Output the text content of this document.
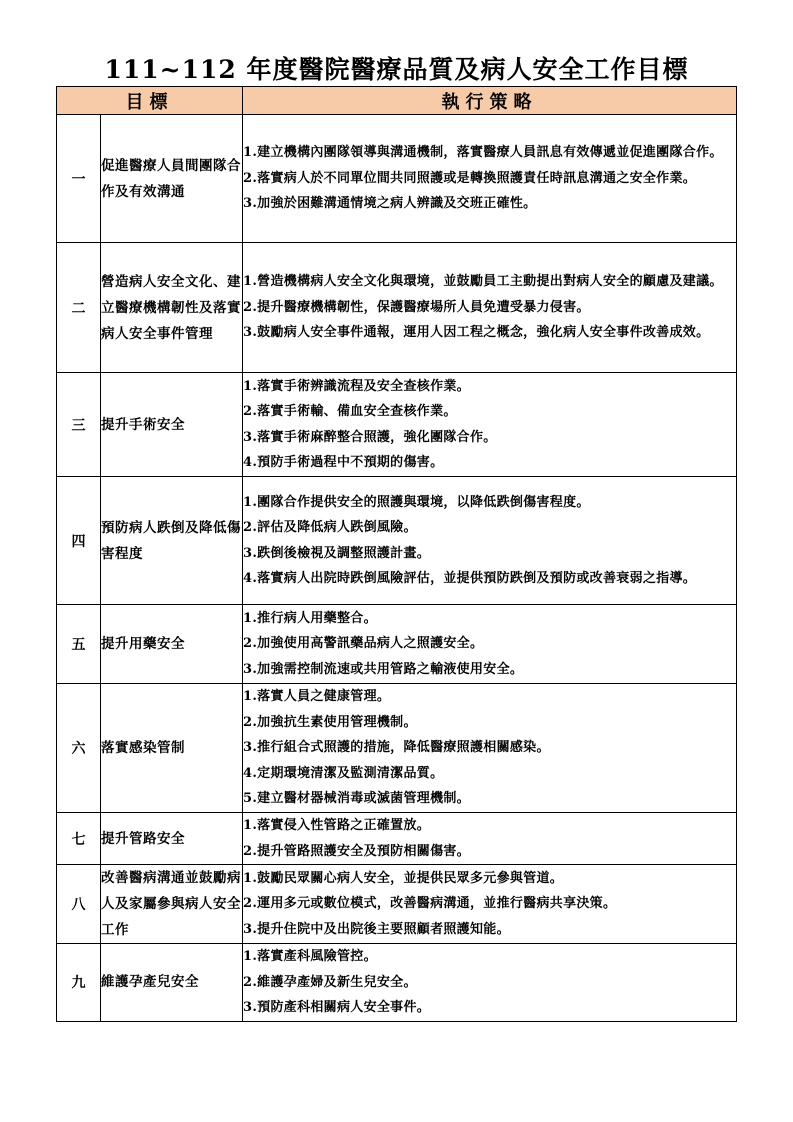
111~112 年度醫院醫療品質及病人安全工作目標
目標		執行策略
一	促進醫療人員間團隊合作及有效溝通	1.建立機構內團隊領導與溝通機制，落實醫療人員訊息有效傳遞並促進團隊合作。
2.落實病人於不同單位間共同照護或是轉換照護責任時訊息溝通之安全作業。
3.加強於困難溝通情境之病人辨識及交班正確性。

二	營造病人安全文化、建立醫療機構韌性及落實病人安全事件管理	1.營造機構病人安全文化與環境，並鼓勵員工主動提出對病人安全的顧慮及建議。
2.提升醫療機構韌性，保護醫療場所人員免遭受暴力侵害。
3.鼓勵病人安全事件通報，運用人因工程之概念，強化病人安全事件改善成效。

三	提升手術安全	1.落實手術辨識流程及安全查核作業。
2.落實手術輸、備血安全查核作業。
3.落實手術麻醉整合照護，強化團隊合作。
4.預防手術過程中不預期的傷害。

四	預防病人跌倒及降低傷害程度	1.團隊合作提供安全的照護與環境，以降低跌倒傷害程度。
2.評估及降低病人跌倒風險。
3.跌倒後檢視及調整照護計畫。
4.落實病人出院時跌倒風險評估，並提供預防跌倒及預防或改善衰弱之指導。

五	提升用藥安全	1.推行病人用藥整合。
2.加強使用高警訊藥品病人之照護安全。
3.加強需控制流速或共用管路之輸液使用安全。

六	落實感染管制	1.落實人員之健康管理。
2.加強抗生素使用管理機制。
3.推行組合式照護的措施，降低醫療照護相關感染。
4.定期環境清潔及監測清潔品質。
5.建立醫材器械消毒或滅菌管理機制。

七	提升管路安全	1.落實侵入性管路之正確置放。
2.提升管路照護安全及預防相關傷害。

八	改善醫病溝通並鼓勵病人及家屬參與病人安全工作	1.鼓勵民眾關心病人安全，並提供民眾多元參與管道。
2.運用多元或數位模式，改善醫病溝通，並推行醫病共享決策。
3.提升住院中及出院後主要照顧者照護知能。

九	維護孕產兒安全	1.落實產科風險管控。
2.維護孕產婦及新生兒安全。
3.預防產科相關病人安全事件。
